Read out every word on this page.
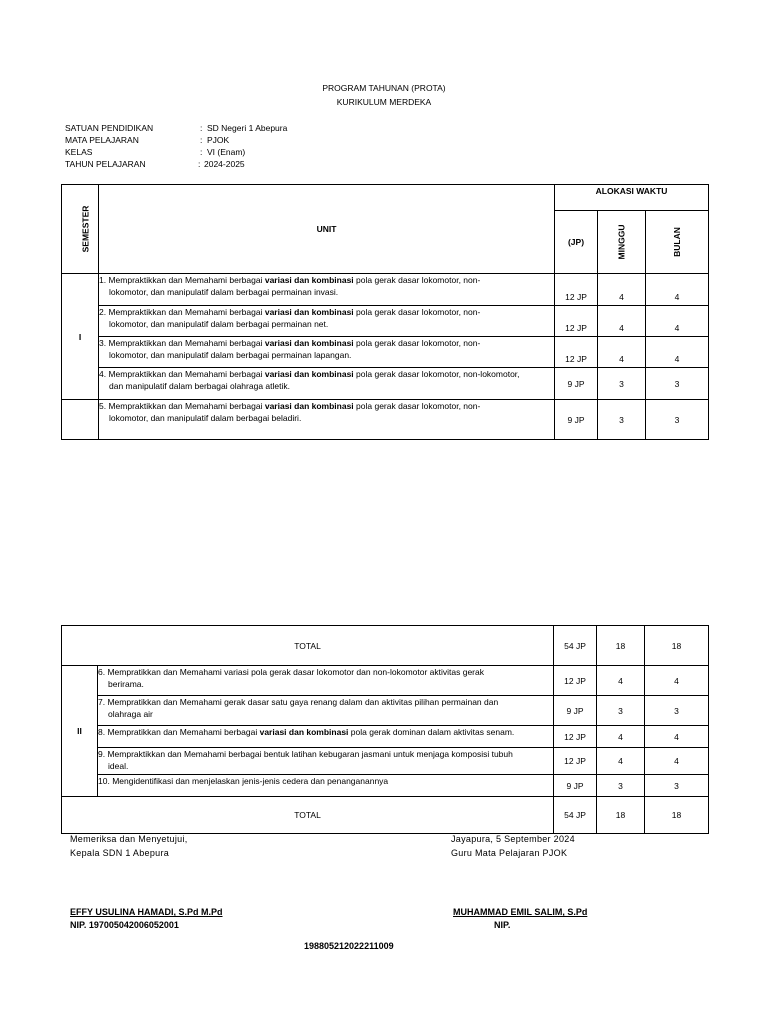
PROGRAM TAHUNAN (PROTA)
KURIKULUM MERDEKA
SATUAN PENDIDIKAN	: SD Negeri 1 Abepura
MATA PELAJARAN	: PJOK
KELAS	: VI (Enam)
TAHUN PELAJARAN	: 2024-2025
SEMESTER	UNIT	ALOKASI WAKTU		
		(JP)	MINGGU	BULAN
I	1. Mempraktikkan dan Memahami berbagai variasi dan kombinasi pola gerak dasar lokomotor, non-
lokomotor, dan manipulatif dalam berbagai permainan invasi.	12 JP	4	4
	2. Mempraktikkan dan Memahami berbagai variasi dan kombinasi pola gerak dasar lokomotor, non-
lokomotor, dan manipulatif dalam berbagai permainan net.	12 JP	4	4
	3. Mempraktikkan dan Memahami berbagai variasi dan kombinasi pola gerak dasar lokomotor, non-
lokomotor, dan manipulatif dalam berbagai permainan lapangan.	12 JP	4	4
	4. Mempraktikkan dan Memahami berbagai variasi dan kombinasi pola gerak dasar lokomotor, non-lokomotor,
dan manipulatif dalam berbagai olahraga atletik.	9 JP	3	3
	5. Mempraktikkan dan Memahami berbagai variasi dan kombinasi pola gerak dasar lokomotor, non-
lokomotor, dan manipulatif dalam berbagai beladiri.	9 JP	3	3
TOTAL		54 JP	18	18
II	6. Mempratikkan dan Memahami variasi pola gerak dasar lokomotor dan non-lokomotor aktivitas gerak
berirama.	12 JP	4	4
	7. Mempratikkan dan Memahami gerak dasar satu gaya renang dalam dan aktivitas pilihan permainan dan
olahraga air	9 JP	3	3
	8. Mempratikkan dan Memahami berbagai variasi dan kombinasi pola gerak dominan dalam aktivitas senam.	12 JP	4	4
	9. Mempraktikkan dan Memahami berbagai bentuk latihan kebugaran jasmani untuk menjaga komposisi tubuh
ideal.	12 JP	4	4
	10. Mengidentifikasi dan menjelaskan jenis-jenis cedera dan penanganannya	9 JP	3	3
TOTAL		54 JP	18	18
Memeriksa dan Menyetujui,
Kepala SDN 1 Abepura
Jayapura, 5 September 2024
Guru Mata Pelajaran PJOK
EFFY USULINA HAMADI, S.Pd M.Pd
NIP. 197005042006052001
MUHAMMAD EMIL SALIM, S.Pd
NIP.
198805212022211009
